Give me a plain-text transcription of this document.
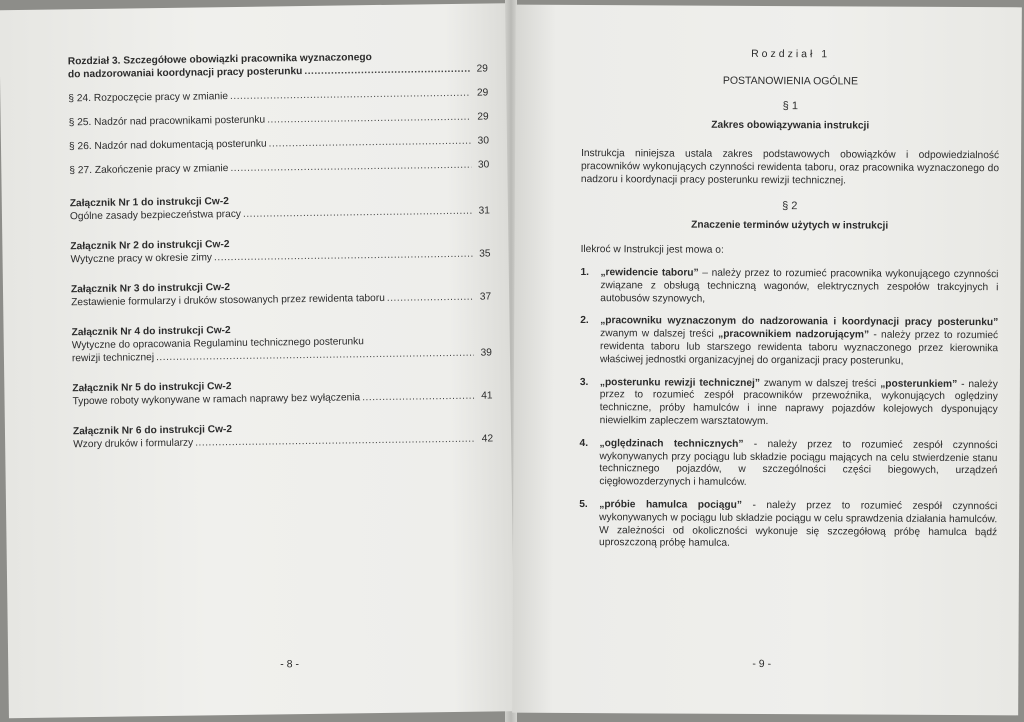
Rozdział 3. Szczegółowe obowiązki pracownika wyznaczonego
do nadzorowaniai koordynacji pracy posterunku .....	29
§ 24. Rozpoczęcie pracy w zmianie .....	29
§ 25. Nadzór nad pracownikami posterunku .....	29
§ 26. Nadzór nad dokumentacją posterunku .....	30
§ 27. Zakończenie pracy w zmianie .....	30
Załącznik Nr 1 do instrukcji Cw-2
Ogólne zasady bezpieczeństwa pracy .....	31
Załącznik Nr 2 do instrukcji Cw-2
Wytyczne pracy w okresie zimy .....	35
Załącznik Nr 3 do instrukcji Cw-2
Zestawienie formularzy i druków stosowanych przez rewidenta taboru .....	37
Załącznik Nr 4 do instrukcji Cw-2
Wytyczne do opracowania Regulaminu technicznego posterunku
rewizji technicznej .....	39
Załącznik Nr 5 do instrukcji Cw-2
Typowe roboty wykonywane w ramach naprawy bez wyłączenia .....	41
Załącznik Nr 6 do instrukcji Cw-2
Wzory druków i formularzy .....	42
- 8 -
Rozdział 1
POSTANOWIENIA OGÓLNE
§ 1
Zakres obowiązywania instrukcji
Instrukcja niniejsza ustala zakres podstawowych obowiązków i odpowiedzialność pracowników wykonujących czynności rewidenta taboru, oraz pracownika wyznaczonego do nadzoru i koordynacji pracy posterunku rewizji technicznej.
§ 2
Znaczenie terminów użytych w instrukcji
Ilekroć w Instrukcji jest mowa o:
1.	„rewidencie taboru” – należy przez to rozumieć pracownika wykonującego czynności związane z obsługą techniczną wagonów, elektrycznych zespołów trakcyjnych i autobusów szynowych,
2.	„pracowniku wyznaczonym do nadzorowania i koordynacji pracy posterunku” zwanym w dalszej treści „pracownikiem nadzorującym” - należy przez to rozumieć rewidenta taboru lub starszego rewidenta taboru wyznaczonego przez kierownika właściwej jednostki organizacyjnej do organizacji pracy posterunku,
3.	„posterunku rewizji technicznej” zwanym w dalszej treści „posterunkiem” - należy przez to rozumieć zespół pracowników przewoźnika, wykonujących oględziny techniczne, próby hamulców i inne naprawy pojazdów kolejowych dysponujący niewielkim zapleczem warsztatowym.
4.	„oględzinach technicznych” - należy przez to rozumieć zespół czynności wykonywanych przy pociągu lub składzie pociągu mających na celu stwierdzenie stanu technicznego pojazdów, w szczególności części biegowych, urządzeń cięgłowozderzynych i hamulców.
5.	„próbie hamulca pociągu” - należy przez to rozumieć zespół czynności wykonywanych w pociągu lub składzie pociągu w celu sprawdzenia działania hamulców. W zależności od okoliczności wykonuje się szczegółową próbę hamulca bądź uproszczoną próbę hamulca.
- 9 -
